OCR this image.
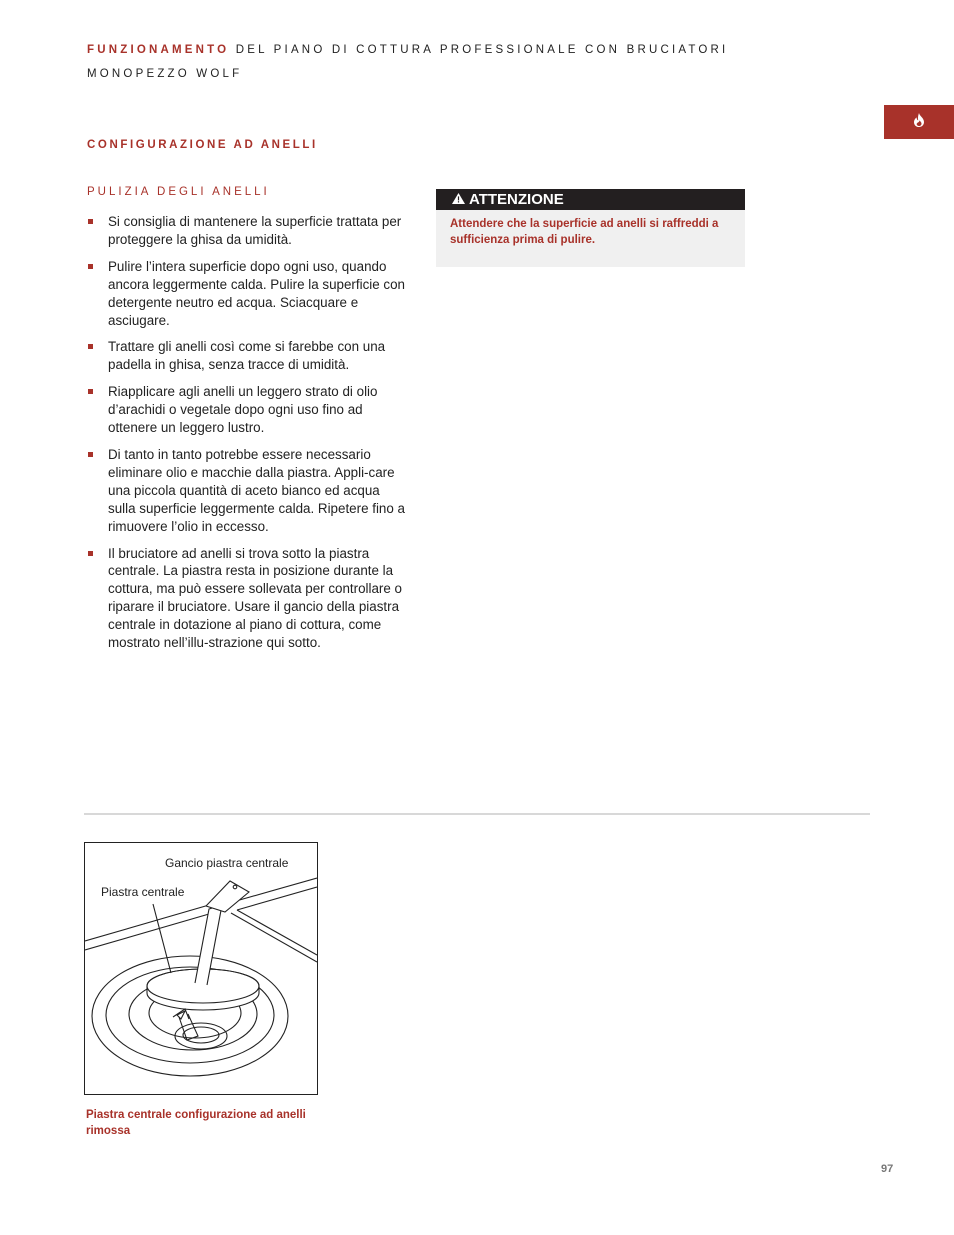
FUNZIONAMENTO DEL PIANO DI COTTURA PROFESSIONALE CON BRUCIATORI
MONOPEZZO WOLF
CONFIGURAZIONE AD ANELLI
PULIZIA DEGLI ANELLI
Si consiglia di mantenere la superficie trattata per proteggere la ghisa da umidità.
Pulire l’intera superficie dopo ogni uso, quando ancora leggermente calda. Pulire la superficie con detergente neutro ed acqua. Sciacquare e asciugare.
Trattare gli anelli così come si farebbe con una padella in ghisa, senza tracce di umidità.
Riapplicare agli anelli un leggero strato di olio d’arachidi o vegetale dopo ogni uso fino ad ottenere un leggero lustro.
Di tanto in tanto potrebbe essere necessario eliminare olio e macchie dalla piastra. Appli-care una piccola quantità di aceto bianco ed acqua sulla superficie leggermente calda. Ripetere fino a rimuovere l’olio in eccesso.
Il bruciatore ad anelli si trova sotto la piastra centrale. La piastra resta in posizione durante la cottura, ma può essere sollevata per controllare o riparare il bruciatore. Usare il gancio della piastra centrale in dotazione al piano di cottura, come mostrato nell’illu-strazione qui sotto.
ATTENZIONE
Attendere che la superficie ad anelli si raffreddi a sufficienza prima di pulire.
Gancio piastra centrale
Piastra centrale
Piastra centrale configurazione ad anelli rimossa
97
